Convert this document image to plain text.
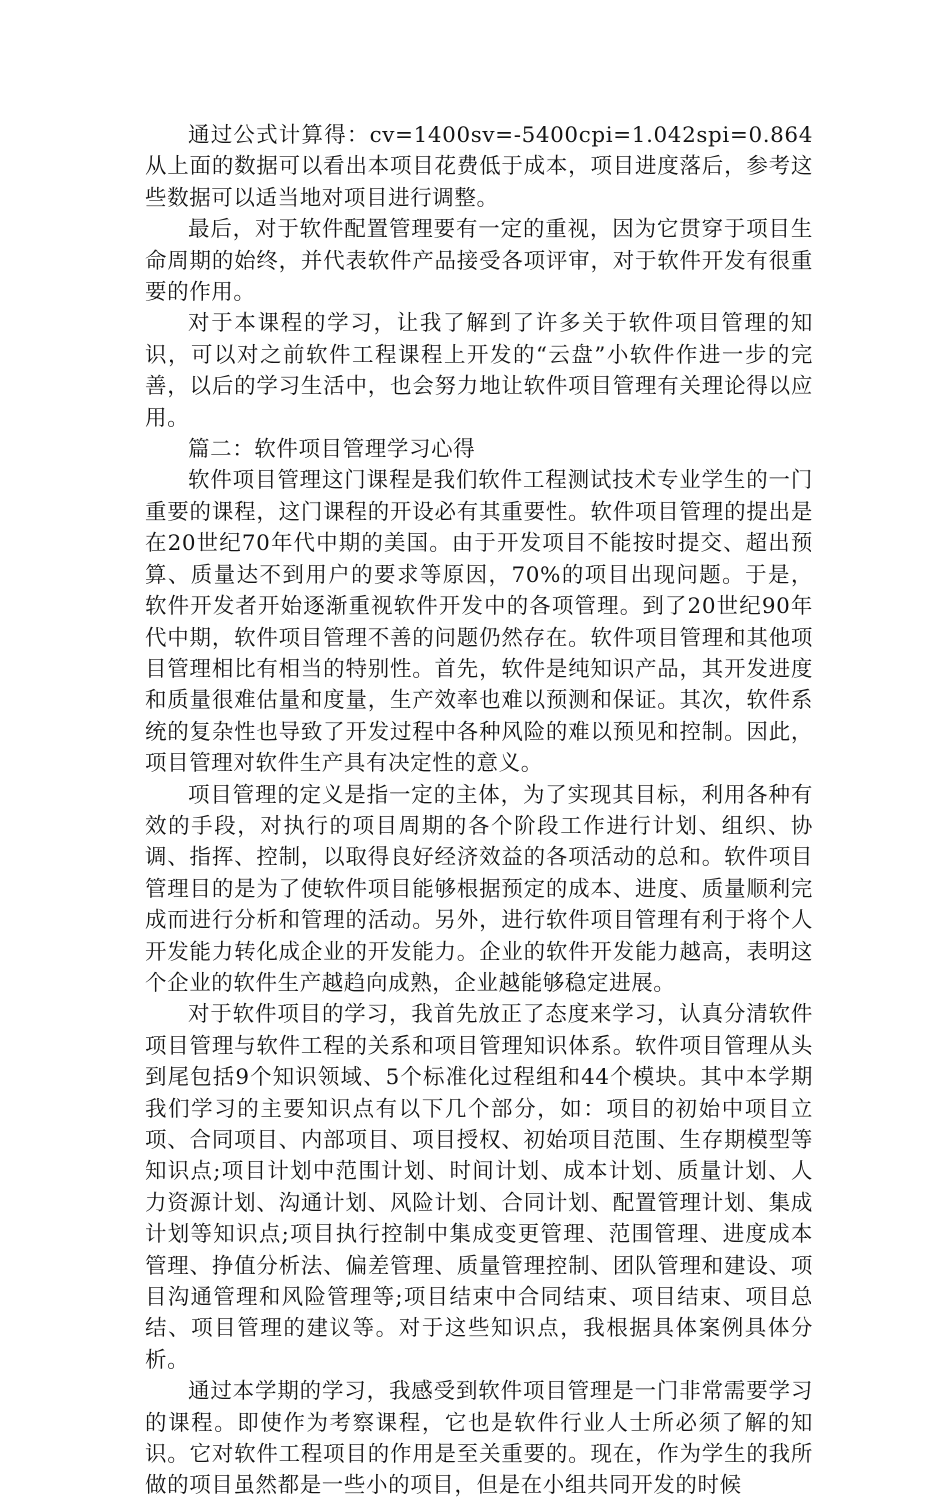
通过公式计算得：cv=1400sv=-5400cpi=1.042spi=0.864从上面的数据可以看出本项目花费低于成本，项目进度落后，参考这些数据可以适当地对项目进行调整。

最后，对于软件配置管理要有一定的重视，因为它贯穿于项目生命周期的始终，并代表软件产品接受各项评审，对于软件开发有很重要的作用。

对于本课程的学习，让我了解到了许多关于软件项目管理的知识，可以对之前软件工程课程上开发的“云盘”小软件作进一步的完善，以后的学习生活中，也会努力地让软件项目管理有关理论得以应用。

篇二：软件项目管理学习心得

软件项目管理这门课程是我们软件工程测试技术专业学生的一门重要的课程，这门课程的开设必有其重要性。软件项目管理的提出是在20世纪70年代中期的美国。由于开发项目不能按时提交、超出预算、质量达不到用户的要求等原因，70%的项目出现问题。于是，软件开发者开始逐渐重视软件开发中的各项管理。到了20世纪90年代中期，软件项目管理不善的问题仍然存在。软件项目管理和其他项目管理相比有相当的特别性。首先，软件是纯知识产品，其开发进度和质量很难估量和度量，生产效率也难以预测和保证。其次，软件系统的复杂性也导致了开发过程中各种风险的难以预见和控制。因此，项目管理对软件生产具有决定性的意义。

项目管理的定义是指一定的主体，为了实现其目标，利用各种有效的手段，对执行的项目周期的各个阶段工作进行计划、组织、协调、指挥、控制，以取得良好经济效益的各项活动的总和。软件项目管理目的是为了使软件项目能够根据预定的成本、进度、质量顺利完成而进行分析和管理的活动。另外，进行软件项目管理有利于将个人开发能力转化成企业的开发能力。企业的软件开发能力越高，表明这个企业的软件生产越趋向成熟，企业越能够稳定进展。

对于软件项目的学习，我首先放正了态度来学习，认真分清软件项目管理与软件工程的关系和项目管理知识体系。软件项目管理从头到尾包括9个知识领域、5个标准化过程组和44个模块。其中本学期我们学习的主要知识点有以下几个部分，如：项目的初始中项目立项、合同项目、内部项目、项目授权、初始项目范围、生存期模型等知识点;项目计划中范围计划、时间计划、成本计划、质量计划、人力资源计划、沟通计划、风险计划、合同计划、配置管理计划、集成计划等知识点;项目执行控制中集成变更管理、范围管理、进度成本管理、挣值分析法、偏差管理、质量管理控制、团队管理和建设、项目沟通管理和风险管理等;项目结束中合同结束、项目结束、项目总结、项目管理的建议等。对于这些知识点，我根据具体案例具体分析。

通过本学期的学习，我感受到软件项目管理是一门非常需要学习的课程。即使作为考察课程，它也是软件行业人士所必须了解的知识。它对软件工程项目的作用是至关重要的。现在，作为学生的我所做的项目虽然都是一些小的项目，但是在小组共同开发的时候
